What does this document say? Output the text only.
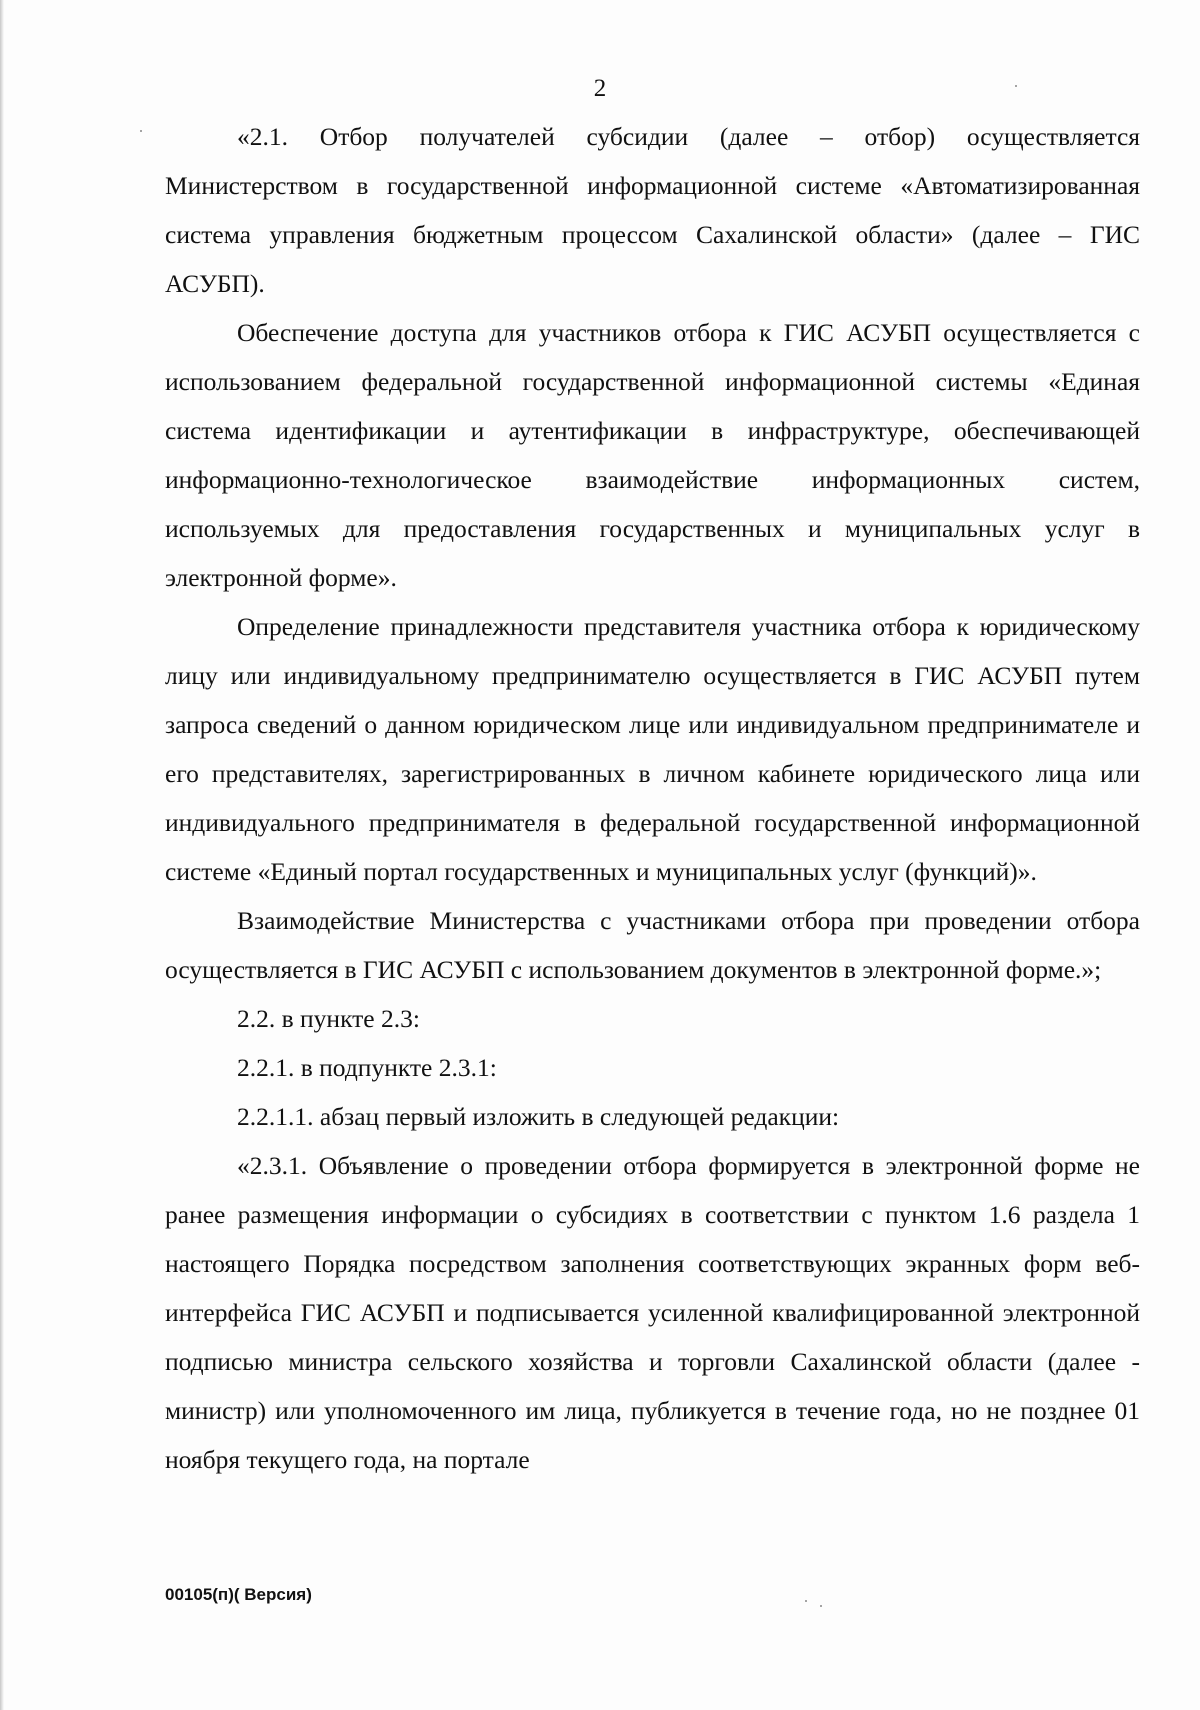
2

«2.1. Отбор получателей субсидии (далее – отбор) осуществляется Министерством в государственной информационной системе «Автоматизированная система управления бюджетным процессом Сахалинской области» (далее – ГИС АСУБП).

Обеспечение доступа для участников отбора к ГИС АСУБП осуществляется с использованием федеральной государственной информационной системы «Единая система идентификации и аутентификации в инфраструктуре, обеспечивающей информационно-технологическое взаимодействие информационных систем, используемых для предоставления государственных и муниципальных услуг в электронной форме».

Определение принадлежности представителя участника отбора к юридическому лицу или индивидуальному предпринимателю осуществляется в ГИС АСУБП путем запроса сведений о данном юридическом лице или индивидуальном предпринимателе и его представителях, зарегистрированных в личном кабинете юридического лица или индивидуального предпринимателя в федеральной государственной информационной системе «Единый портал государственных и муниципальных услуг (функций)».

Взаимодействие Министерства с участниками отбора при проведении отбора осуществляется в ГИС АСУБП с использованием документов в электронной форме.»;

2.2. в пункте 2.3:

2.2.1. в подпункте 2.3.1:

2.2.1.1. абзац первый изложить в следующей редакции:

«2.3.1. Объявление о проведении отбора формируется в электронной форме не ранее размещения информации о субсидиях в соответствии с пунктом 1.6 раздела 1 настоящего Порядка посредством заполнения соответствующих экранных форм веб-интерфейса ГИС АСУБП и подписывается усиленной квалифицированной электронной подписью министра сельского хозяйства и торговли Сахалинской области (далее - министр) или уполномоченного им лица, публикуется в течение года, но не позднее 01 ноября текущего года, на портале

00105(п)( Версия)
